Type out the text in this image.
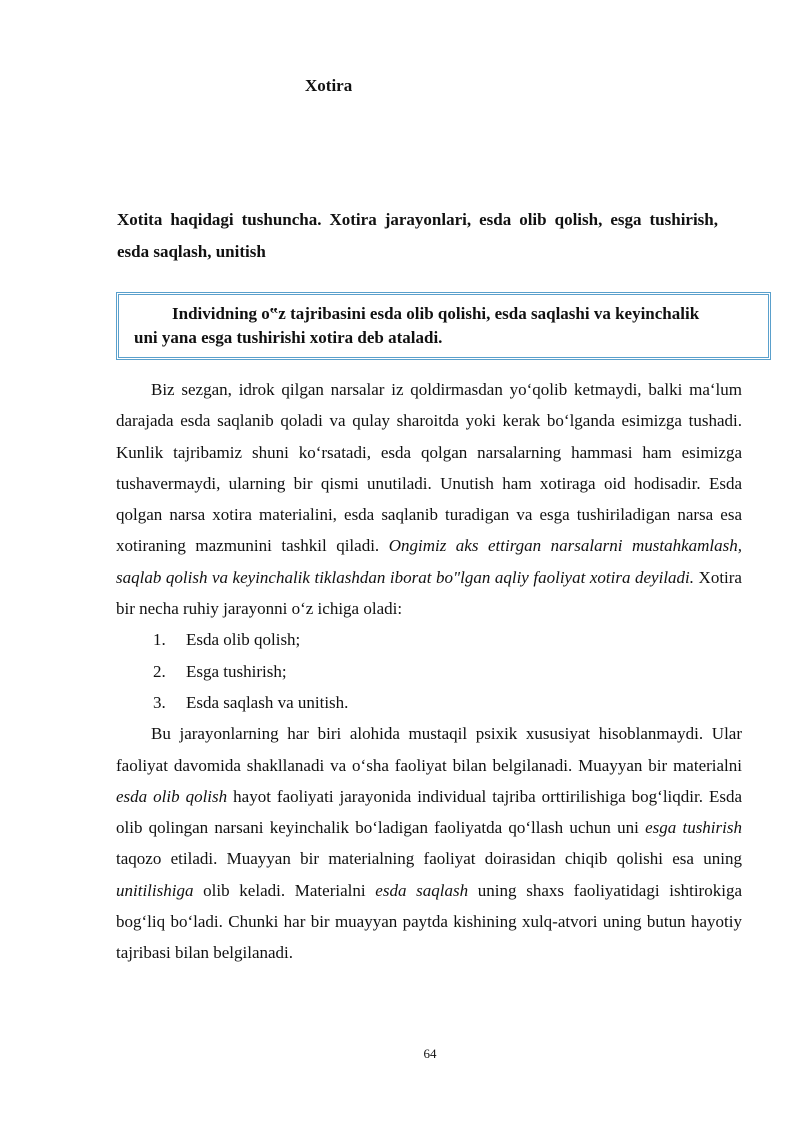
Xotira
Xotita haqidagi tushuncha. Xotira jarayonlari, esda olib qolish, esga tushirish, esda saqlash, unitish
Individning o‟z tajribasini esda olib qolishi, esda saqlashi va keyinchalik
uni yana esga tushirishi xotira deb ataladi.

Biz sezgan, idrok qilgan narsalar iz qoldirmasdan yo‘qolib ketmaydi, balki ma‘lum darajada esda saqlanib qoladi va qulay sharoitda yoki kerak bo‘lganda esimizga tushadi. Kunlik tajribamiz shuni ko‘rsatadi, esda qolgan narsalarning hammasi ham esimizga tushavermaydi, ularning bir qismi unutiladi. Unutish ham xotiraga oid hodisadir. Esda qolgan narsa xotira materialini, esda saqlanib turadigan va esga tushiriladigan narsa esa xotiraning mazmunini tashkil qiladi. Ongimiz aks ettirgan narsalarni mustahkamlash, saqlab qolish va keyinchalik tiklashdan iborat bo"lgan aqliy faoliyat xotira deyiladi. Xotira bir necha ruhiy jarayonni o‘z ichiga oladi:

1. Esda olib qolish;
2. Esga tushirish;
3. Esda saqlash va unitish.

Bu jarayonlarning har biri alohida mustaqil psixik xususiyat hisoblanmaydi. Ular faoliyat davomida shakllanadi va o‘sha faoliyat bilan belgilanadi. Muayyan bir materialni esda olib qolish hayot faoliyati jarayonida individual tajriba orttirilishiga bog‘liqdir. Esda olib qolingan narsani keyinchalik bo‘ladigan faoliyatda qo‘llash uchun uni esga tushirish taqozo etiladi. Muayyan bir materialning faoliyat doirasidan chiqib qolishi esa uning unitilishiga olib keladi. Materialni esda saqlash uning shaxs faoliyatidagi ishtirokiga bog‘liq bo‘ladi. Chunki har bir muayyan paytda kishining xulq-atvori uning butun hayotiy tajribasi bilan belgilanadi.

64
